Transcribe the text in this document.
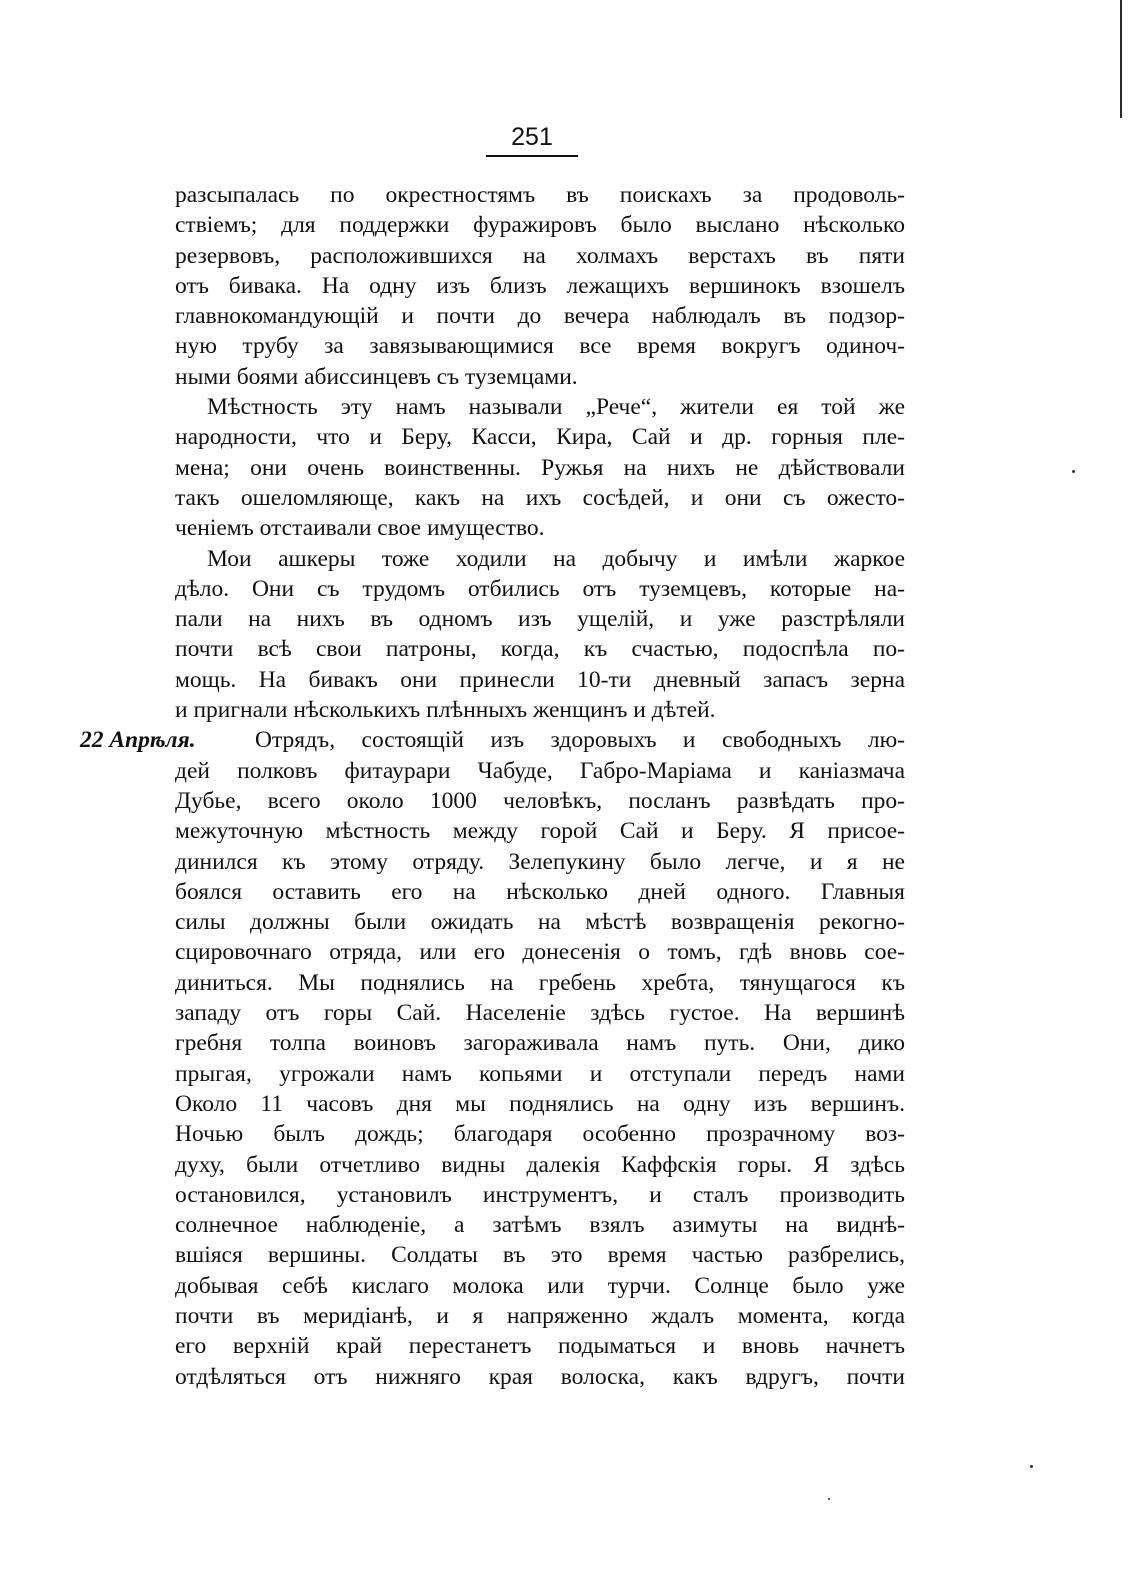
251
разсыпалась по окрестностямъ въ поискахъ за продоволь-
ствіемъ; для поддержки фуражировъ было выслано нѣсколько
резервовъ, расположившихся на холмахъ верстахъ въ пяти
отъ бивака. На одну изъ близъ лежащихъ вершинокъ взошелъ
главнокомандующій и почти до вечера наблюдалъ въ подзор-
ную трубу за завязывающимися все время вокругъ одиноч-
ными боями абиссинцевъ съ туземцами.
Мѣстность эту намъ называли „Рече“, жители ея той же
народности, что и Беру, Касси, Кира, Сай и др. горныя пле-
мена; они очень воинственны. Ружья на нихъ не дѣйствовали
такъ ошеломляюще, какъ на ихъ сосѣдей, и они съ ожесто-
ченіемъ отстаивали свое имущество.
Мои ашкеры тоже ходили на добычу и имѣли жаркое
дѣло. Они съ трудомъ отбились отъ туземцевъ, которые на-
пали на нихъ въ одномъ изъ ущелій, и уже разстрѣляли
почти всѣ свои патроны, когда, къ счастью, подоспѣла по-
мощь. На бивакъ они принесли 10-ти дневный запасъ зерна
и пригнали нѣсколькихъ плѣнныхъ женщинъ и дѣтей.
22 Апрѣля.	Отрядъ, состоящій изъ здоровыхъ и свободныхъ лю-
дей полковъ фитаурари Чабуде, Габро-Маріама и каніазмача
Дубье, всего около 1000 человѣкъ, посланъ развѣдать про-
межуточную мѣстность между горой Сай и Беру. Я присое-
динился къ этому отряду. Зелепукину было легче, и я не
боялся оставить его на нѣсколько дней одного. Главныя
силы должны были ожидать на мѣстѣ возвращенія рекогно-
сцировочнаго отряда, или его донесенія о томъ, гдѣ вновь сое-
диниться. Мы поднялись на гребень хребта, тянущагося къ
западу отъ горы Сай. Населеніе здѣсь густое. На вершинѣ
гребня толпа воиновъ загораживала намъ путь. Они, дико
прыгая, угрожали намъ копьями и отступали передъ нами
Около 11 часовъ дня мы поднялись на одну изъ вершинъ.
Ночью былъ дождь; благодаря особенно прозрачному воз-
духу, были отчетливо видны далекія Каффскія горы. Я здѣсь
остановился, установилъ инструментъ, и сталъ производить
солнечное наблюденіе, а затѣмъ взялъ азимуты на виднѣ-
вшіяся вершины. Солдаты въ это время частью разбрелись,
добывая себѣ кислаго молока или турчи. Солнце было уже
почти въ меридіанѣ, и я напряженно ждалъ момента, когда
его верхній край перестанетъ подыматься и вновь начнетъ
отдѣляться отъ нижняго края волоска, какъ вдругъ, почти
